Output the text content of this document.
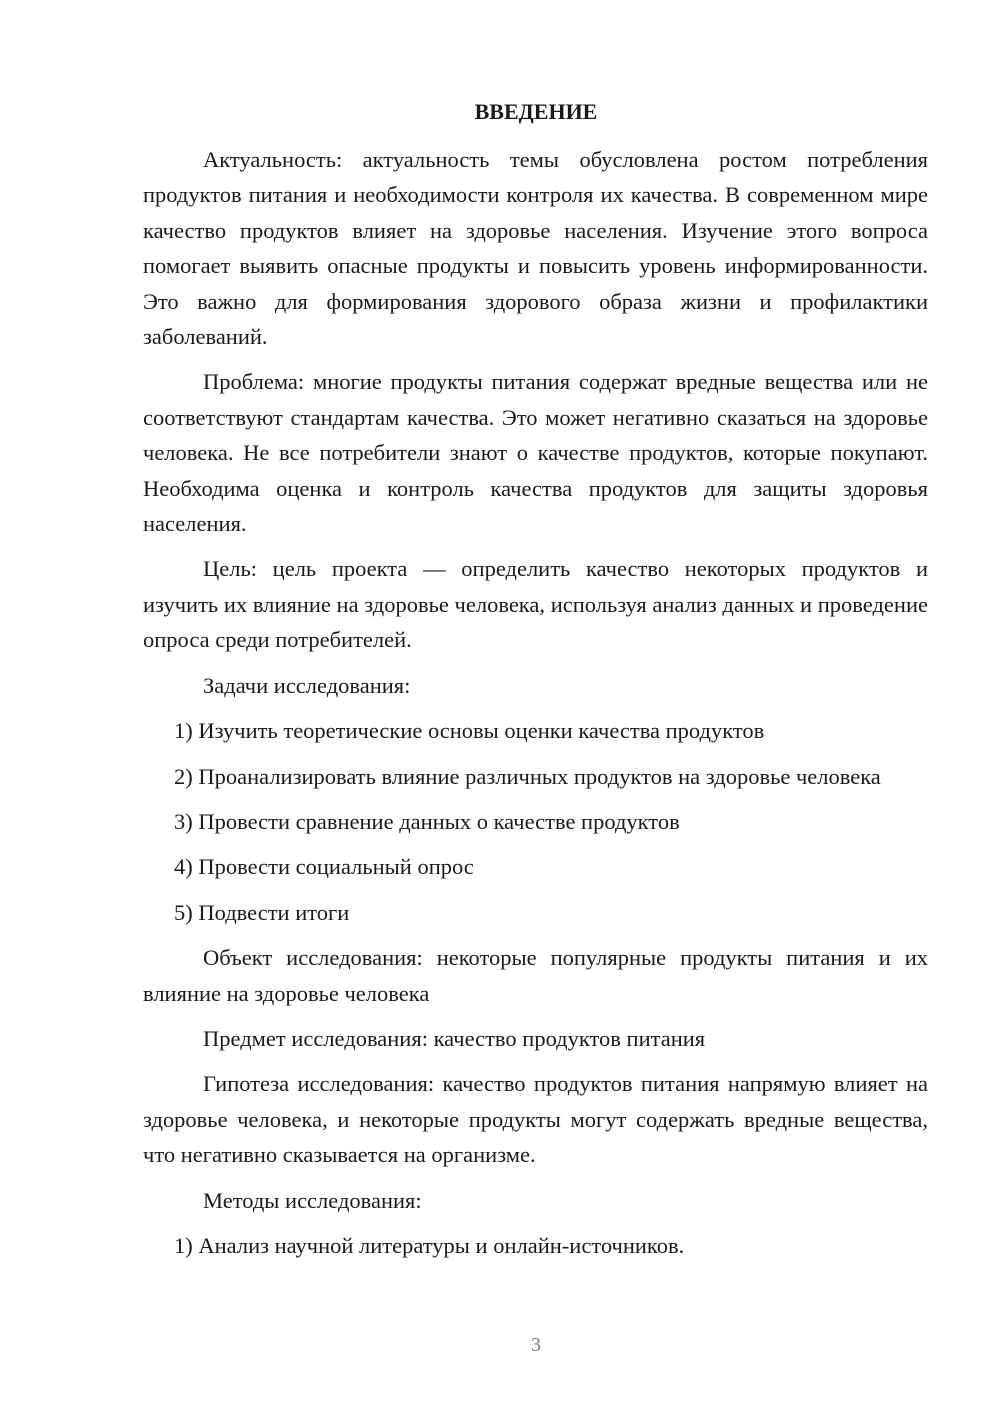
ВВЕДЕНИЕ

Актуальность: актуальность темы обусловлена ростом потребления продуктов питания и необходимости контроля их качества. В современном мире качество продуктов влияет на здоровье населения. Изучение этого вопроса помогает выявить опасные продукты и повысить уровень информированности. Это важно для формирования здорового образа жизни и профилактики заболеваний.

Проблема: многие продукты питания содержат вредные вещества или не соответствуют стандартам качества. Это может негативно сказаться на здоровье человека. Не все потребители знают о качестве продуктов, которые покупают. Необходима оценка и контроль качества продуктов для защиты здоровья населения.

Цель: цель проекта — определить качество некоторых продуктов и изучить их влияние на здоровье человека, используя анализ данных и проведение опроса среди потребителей.

Задачи исследования:

1) Изучить теоретические основы оценки качества продуктов

2) Проанализировать влияние различных продуктов на здоровье человека

3) Провести сравнение данных о качестве продуктов

4) Провести социальный опрос

5) Подвести итоги

Объект исследования: некоторые популярные продукты питания и их влияние на здоровье человека

Предмет исследования: качество продуктов питания

Гипотеза исследования: качество продуктов питания напрямую влияет на здоровье человека, и некоторые продукты могут содержать вредные вещества, что негативно сказывается на организме.

Методы исследования:

1) Анализ научной литературы и онлайн-источников.

3
